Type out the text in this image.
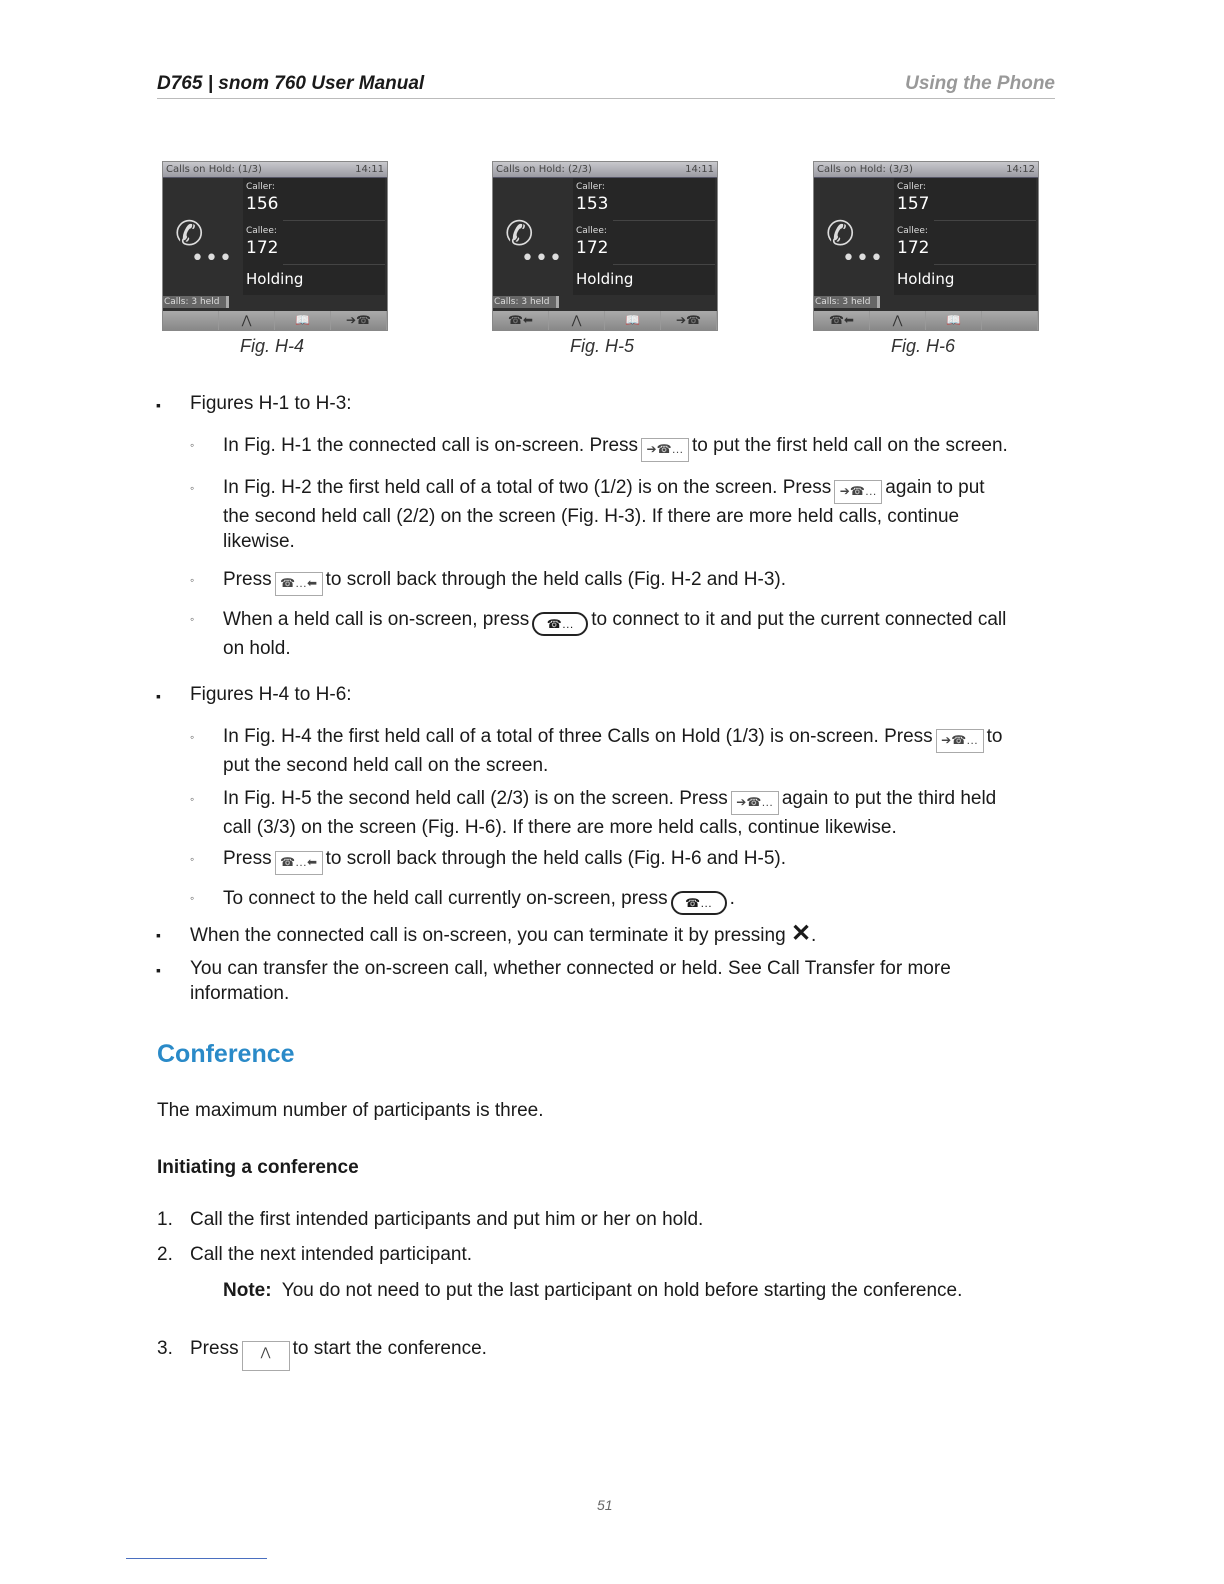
D765 | snom 760 User Manual	Using the Phone
Calls on Hold: (1/3)	14:11
✆
•••
Caller:
156
Callee:
172
Holding
Calls: 3 held
⋀	📖	➔☎
Fig. H-4
Calls on Hold: (2/3)	14:11
✆
•••
Caller:
153
Callee:
172
Holding
Calls: 3 held
☎⬅	⋀	📖	➔☎
Fig. H-5
Calls on Hold: (3/3)	14:12
✆
•••
Caller:
157
Callee:
172
Holding
Calls: 3 held
☎⬅	⋀	📖
Fig. H-6
▪ Figures H-1 to H-3:
◦ In Fig. H-1 the connected call is on-screen. Press ➔☎… to put the first held call on the screen.
◦ In Fig. H-2 the first held call of a total of two (1/2) is on the screen. Press ➔☎… again to put
the second held call (2/2) on the screen (Fig. H-3). If there are more held calls, continue
likewise.
◦ Press ☎…⬅ to scroll back through the held calls (Fig. H-2 and H-3).
◦ When a held call is on-screen, press ☎… to connect to it and put the current connected call
on hold.
▪ Figures H-4 to H-6:
◦ In Fig. H-4 the first held call of a total of three Calls on Hold (1/3) is on-screen. Press ➔☎… to
put the second held call on the screen.
◦ In Fig. H-5 the second held call (2/3) is on the screen. Press ➔☎… again to put the third held
call (3/3) on the screen (Fig. H-6). If there are more held calls, continue likewise.
◦ Press ☎…⬅ to scroll back through the held calls (Fig. H-6 and H-5).
◦ To connect to the held call currently on-screen, press ☎… .
▪ When the connected call is on-screen, you can terminate it by pressing ✕.
▪ You can transfer the on-screen call, whether connected or held. See Call Transfer for more
information.
Conference
The maximum number of participants is three.
Initiating a conference
1. Call the first intended participants and put him or her on hold.
2. Call the next intended participant.
Note: You do not need to put the last participant on hold before starting the conference.
3. Press ⋀ to start the conference.
51
